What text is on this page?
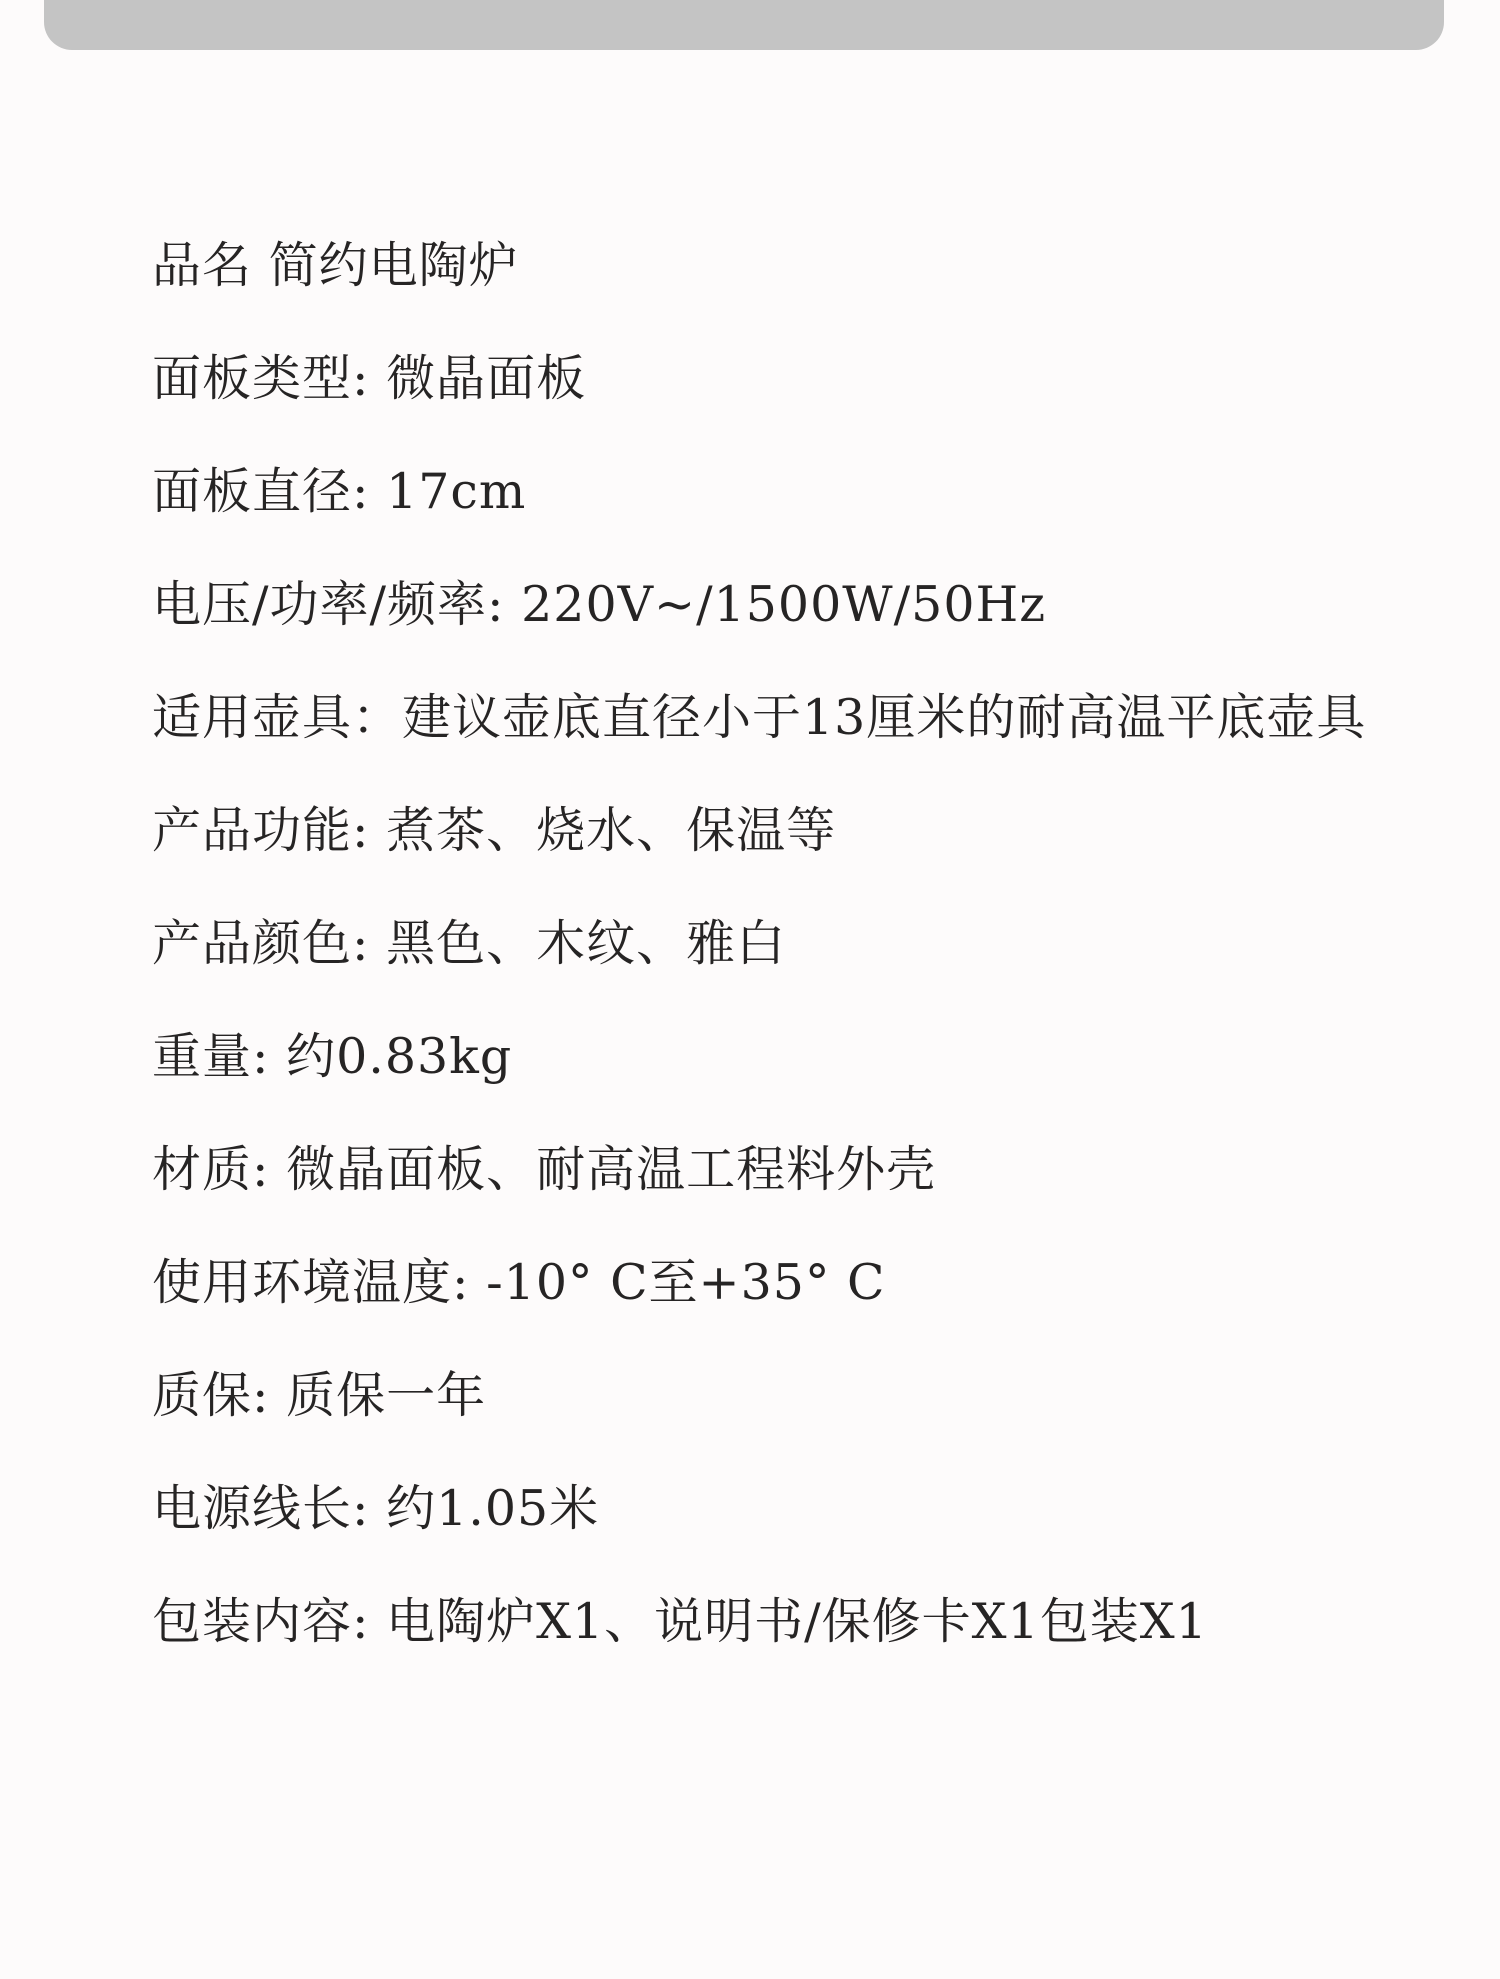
品名 简约电陶炉
面板类型: 微晶面板
面板直径: 17cm
电压/功率/频率: 220V~/1500W/50Hz
适用壶具：建议壶底直径小于13厘米的耐高温平底壶具
产品功能: 煮茶、烧水、保温等
产品颜色: 黑色、木纹、雅白
重量: 约0.83kg
材质: 微晶面板、耐高温工程料外壳
使用环境温度: -10° C至+35° C
质保: 质保一年
电源线长: 约1.05米
包装内容: 电陶炉X1、说明书/保修卡X1包装X1
